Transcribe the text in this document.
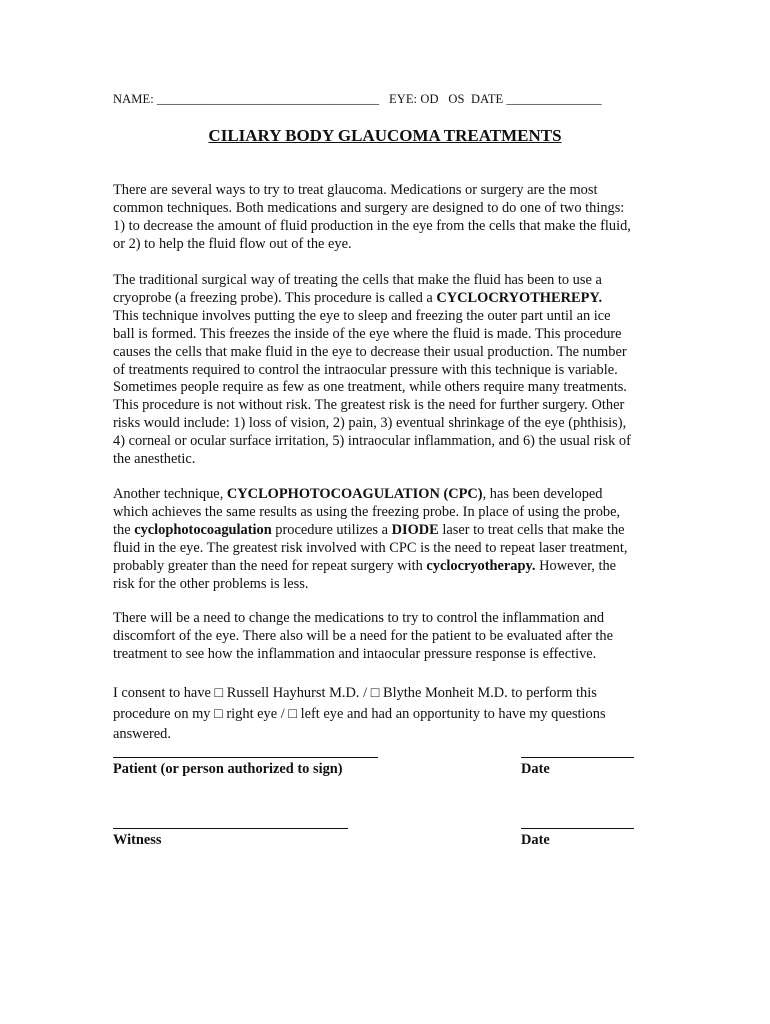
NAME: ___________________________________ EYE: OD OS DATE _______________
CILIARY BODY GLAUCOMA TREATMENTS

There are several ways to try to treat glaucoma. Medications or surgery are the most
common techniques. Both medications and surgery are designed to do one of two things:
1) to decrease the amount of fluid production in the eye from the cells that make the fluid,
or 2) to help the fluid flow out of the eye.

The traditional surgical way of treating the cells that make the fluid has been to use a
cryoprobe (a freezing probe). This procedure is called a CYCLOCRYOTHEREPY.
This technique involves putting the eye to sleep and freezing the outer part until an ice
ball is formed. This freezes the inside of the eye where the fluid is made. This procedure
causes the cells that make fluid in the eye to decrease their usual production. The number
of treatments required to control the intraocular pressure with this technique is variable.
Sometimes people require as few as one treatment, while others require many treatments.
This procedure is not without risk. The greatest risk is the need for further surgery. Other
risks would include: 1) loss of vision, 2) pain, 3) eventual shrinkage of the eye (phthisis),
4) corneal or ocular surface irritation, 5) intraocular inflammation, and 6) the usual risk of
the anesthetic.

Another technique, CYCLOPHOTOCOAGULATION (CPC), has been developed
which achieves the same results as using the freezing probe. In place of using the probe,
the cyclophotocoagulation procedure utilizes a DIODE laser to treat cells that make the
fluid in the eye. The greatest risk involved with CPC is the need to repeat laser treatment,
probably greater than the need for repeat surgery with cyclocryotherapy. However, the
risk for the other problems is less.

There will be a need to change the medications to try to control the inflammation and
discomfort of the eye. There also will be a need for the patient to be evaluated after the
treatment to see how the inflammation and intaocular pressure response is effective.

I consent to have □ Russell Hayhurst M.D. / □ Blythe Monheit M.D. to perform this
procedure on my □ right eye / □ left eye and had an opportunity to have my questions
answered.

Patient (or person authorized to sign)	Date
Witness	Date
